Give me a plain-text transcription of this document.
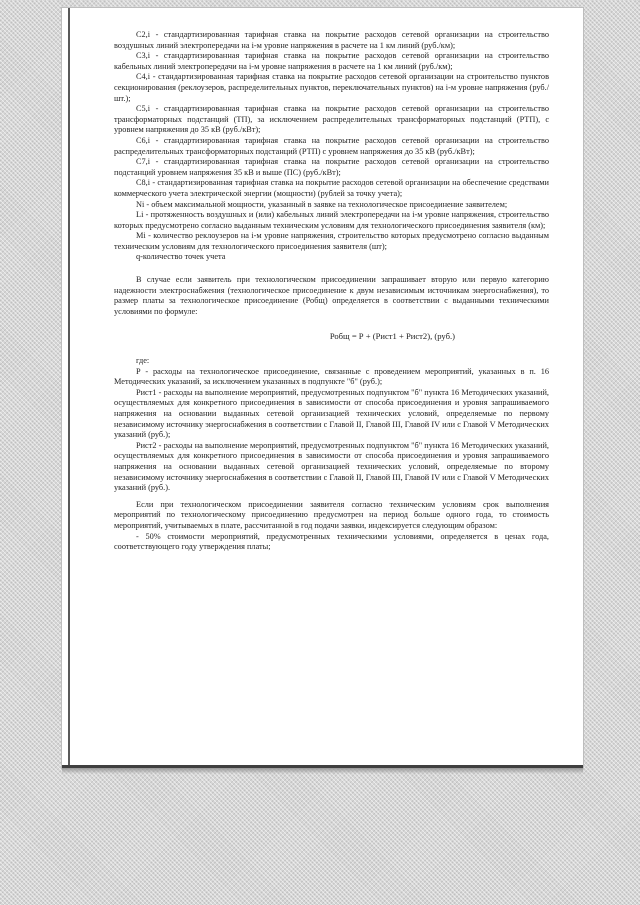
C2,i - стандартизированная тарифная ставка на покрытие расходов сетевой организации на строительство воздушных линий электропередачи на i-м уровне напряжения в расчете на 1 км линий (руб./км);

C3,i - стандартизированная тарифная ставка на покрытие расходов сетевой организации на строительство кабельных линий электропередачи на i-м уровне напряжения в расчете на 1 км линий (руб./км);

C4,i - стандартизированная тарифная ставка на покрытие расходов сетевой организации на строительство пунктов секционирования (реклоузеров, распределительных пунктов, переключательных пунктов) на i-м уровне напряжения (руб./шт.);

C5,i - стандартизированная тарифная ставка на покрытие расходов сетевой организации на строительство трансформаторных подстанций (ТП), за исключением распределительных трансформаторных подстанций (РТП), с уровнем напряжения до 35 кВ (руб./кВт);

C6,i - стандартизированная тарифная ставка на покрытие расходов сетевой организации на строительство распределительных трансформаторных подстанций (РТП) с уровнем напряжения до 35 кВ (руб./кВт);

C7,i - стандартизированная тарифная ставка на покрытие расходов сетевой организации на строительство подстанций уровнем напряжения 35 кВ и выше (ПС) (руб./кВт);

C8,i - стандартизированная тарифная ставка на покрытие расходов сетевой организации на обеспечение средствами коммерческого учета электрической энергии (мощности) (рублей за точку учета);

Ni - объем максимальной мощности, указанный в заявке на технологическое присоединение заявителем;

Li - протяженность воздушных и (или) кабельных линий электропередачи на i-м уровне напряжения, строительство которых предусмотрено согласно выданным техническим условиям для технологического присоединения заявителя (км);

Mi - количество реклоузеров на i-м уровне напряжения, строительство которых предусмотрено согласно выданным техническим условиям для технологического присоединения заявителя (шт);

q-количество точек учета

В случае если заявитель при технологическом присоединении запрашивает вторую или первую категорию надежности электроснабжения (технологическое присоединение к двум независимым источникам энергоснабжения), то размер платы за технологическое присоединение (Робщ) определяется в соответствии с выданными техническими условиями по формуле:

Робщ = Р + (Рист1 + Рист2), (руб.)

где:

Р - расходы на технологическое присоединение, связанные с проведением мероприятий, указанных в п. 16 Методических указаний, за исключением указанных в подпункте "б" (руб.);

Рист1 - расходы на выполнение мероприятий, предусмотренных подпунктом "б" пункта 16 Методических указаний, осуществляемых для конкретного присоединения в зависимости от способа присоединения и уровня запрашиваемого напряжения на основании выданных сетевой организацией технических условий, определяемые по первому независимому источнику энергоснабжения в соответствии с Главой II, Главой III, Главой IV или с Главой V Методических указаний (руб.);

Рист2 - расходы на выполнение мероприятий, предусмотренных подпунктом "б" пункта 16 Методических указаний, осуществляемых для конкретного присоединения в зависимости от способа присоединения и уровня запрашиваемого напряжения на основании выданных сетевой организацией технических условий, определяемые по второму независимому источнику энергоснабжения в соответствии с Главой II, Главой III, Главой IV или с Главой V Методических указаний (руб.).

Если при технологическом присоединении заявителя согласно техническим условиям срок выполнения мероприятий по технологическому присоединению предусмотрен на период больше одного года, то стоимость мероприятий, учитываемых в плате, рассчитанной в год подачи заявки, индексируется следующим образом:

- 50% стоимости мероприятий, предусмотренных техническими условиями, определяется в ценах года, соответствующего году утверждения платы;
